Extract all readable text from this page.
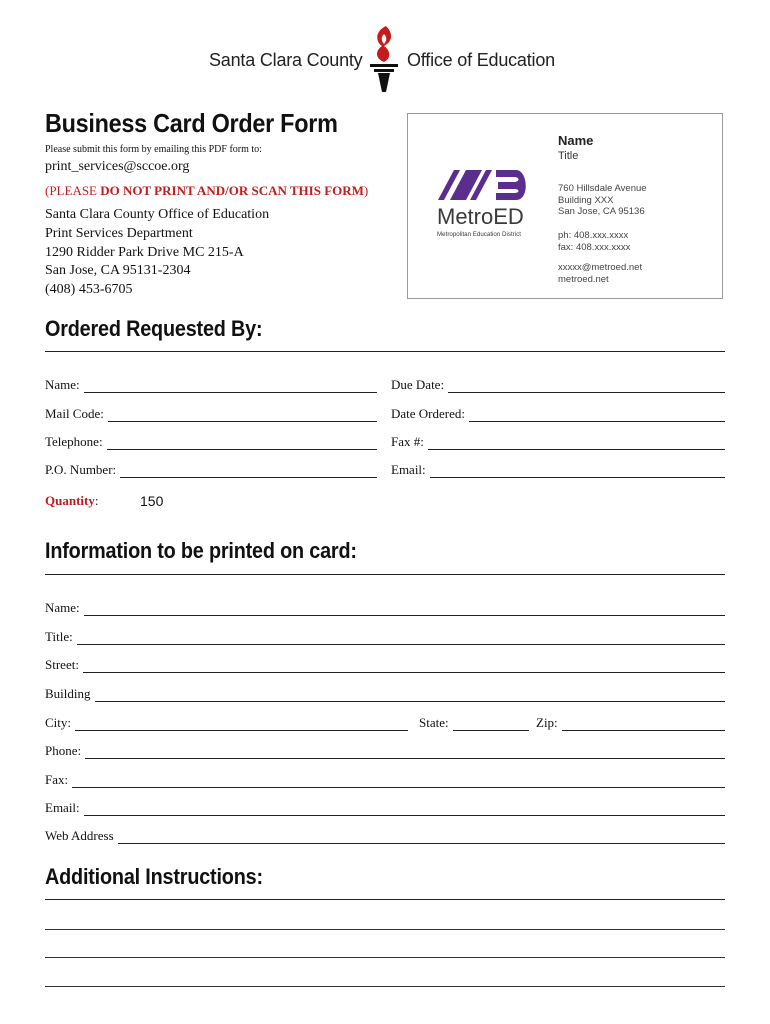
Santa Clara County Office of Education
Business Card Order Form
Please submit this form by emailing this PDF form to:
print_services@sccoe.org
(PLEASE DO NOT PRINT AND/OR SCAN THIS FORM)
Santa Clara County Office of Education
Print Services Department
1290 Ridder Park Drive MC 215-A
San Jose, CA 95131-2304
(408) 453-6705
MetroED
Metropolitan Education District
Name
Title
760 Hillsdale Avenue
Building XXX
San Jose, CA 95136
ph: 408.xxx.xxxx
fax: 408.xxx.xxxx
xxxxx@metroed.net
metroed.net
Ordered Requested By:
Name:	Due Date:
Mail Code:	Date Ordered:
Telephone:	Fax #:
P.O. Number:	Email:
Quantity:	150
Information to be printed on card:
Name:
Title:
Street:
Building
City:	State:	Zip:
Phone:
Fax:
Email:
Web Address
Additional Instructions:
